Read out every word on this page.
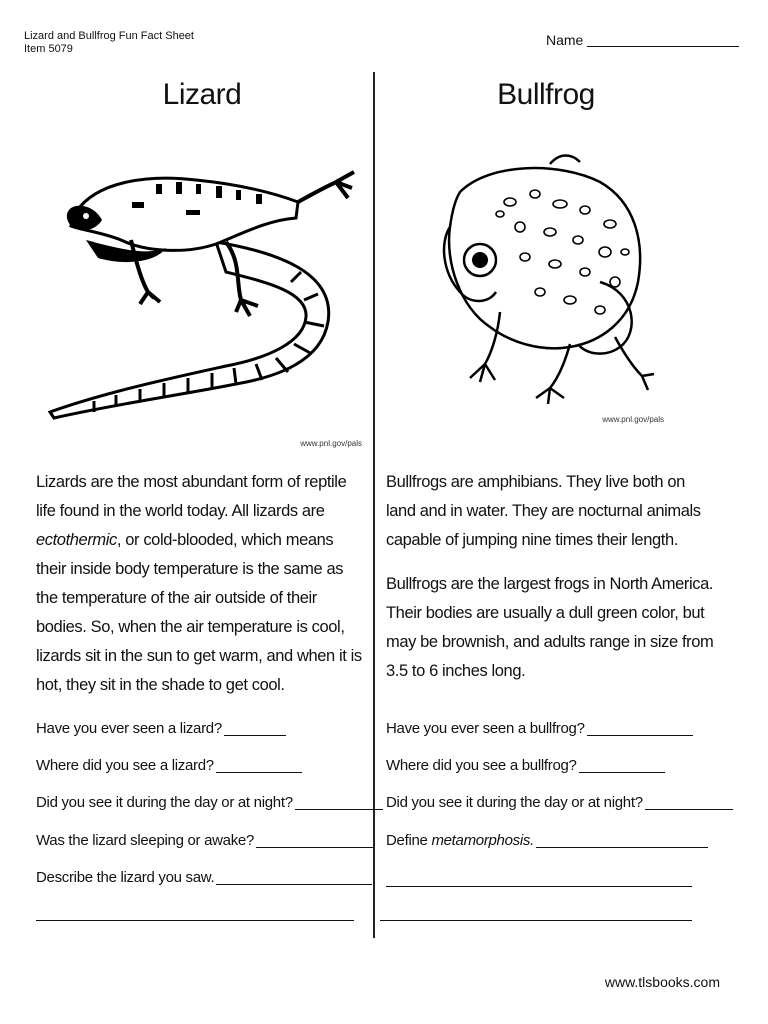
Lizard and Bullfrog Fun Fact Sheet
Item 5079
Name
Lizard
www.pnl.gov/pals
Lizards are the most abundant form of reptile life found in the world today. All lizards are ectothermic, or cold-blooded, which means their inside body temperature is the same as the temperature of the air outside of their bodies. So, when the air temperature is cool, lizards sit in the sun to get warm, and when it is hot, they sit in the shade to get cool.
Have you ever seen a lizard?
Where did you see a lizard?
Did you see it during the day or at night?
Was the lizard sleeping or awake?
Describe the lizard you saw.
Bullfrog
www.pnl.gov/pals
Bullfrogs are amphibians. They live both on land and in water. They are nocturnal animals capable of jumping nine times their length.
Bullfrogs are the largest frogs in North America. Their bodies are usually a dull green color, but may be brownish, and adults range in size from 3.5 to 6 inches long.
Have you ever seen a bullfrog?
Where did you see a bullfrog?
Did you see it during the day or at night?
Define metamorphosis.
www.tlsbooks.com
